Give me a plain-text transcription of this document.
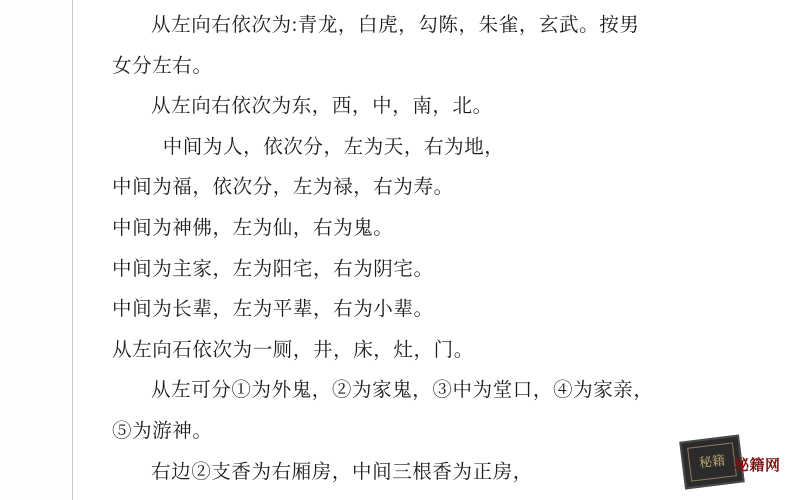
从左向右依次为:青龙，白虎，勾陈，朱雀，玄武。按男

女分左右。

从左向右依次为东，西，中，南，北。

中间为人，依次分，左为天，右为地，

中间为福，依次分，左为禄，右为寿。

中间为神佛，左为仙，右为鬼。

中间为主家，左为阳宅，右为阴宅。

中间为长辈，左为平辈，右为小辈。

从左向石依次为一厕，井，床，灶，门。

从左可分①为外鬼，②为家鬼，③中为堂口，④为家亲，

⑤为游神。

右边②支香为右厢房，中间三根香为正房，

秘籍 秘籍网
